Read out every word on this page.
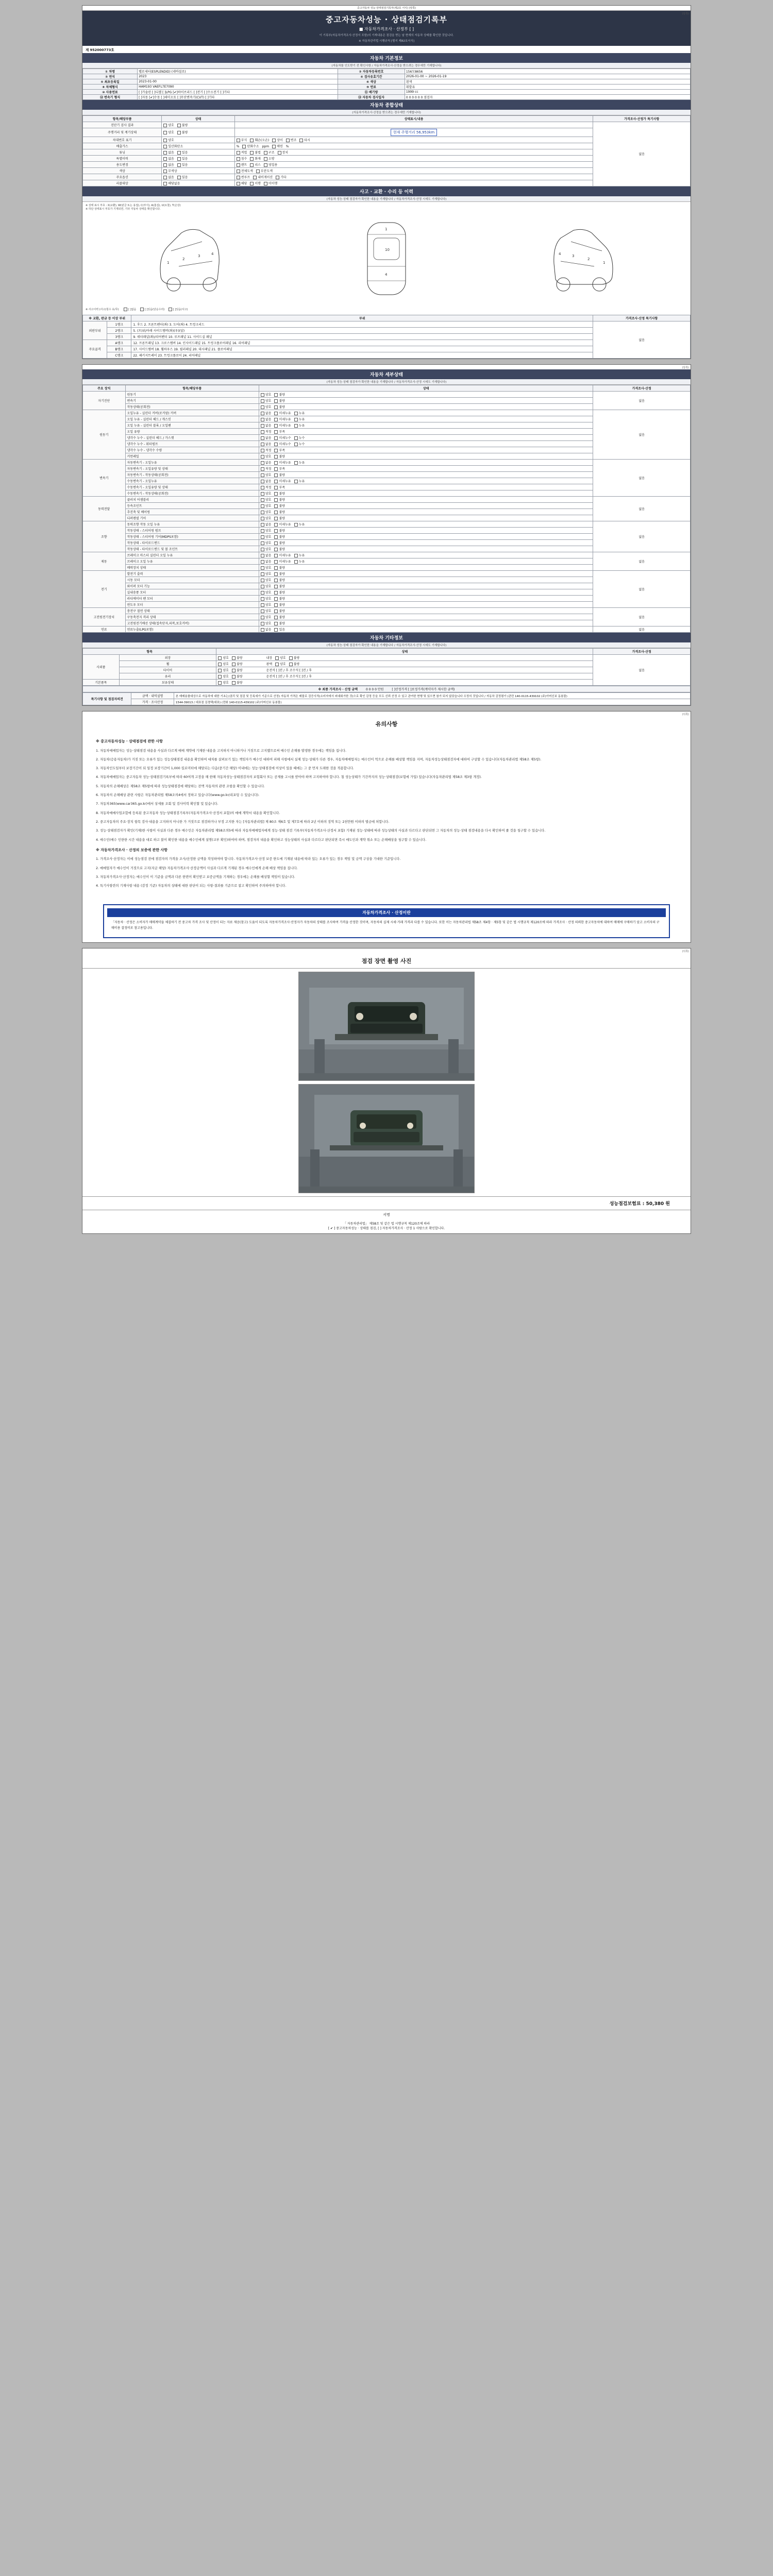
중고자동차 성능·상태점검기록부(제2호 서식) (앞쪽)
(앞쪽)
중고자동차성능 · 상태점검기록부
■ 자동차가격조사 · 산정부 [ ]
이 기록부(자동차가격조사·산정서 포함)의 기재내용은 점검을 받는 날 현재의 자동차 상태를 확인한 것입니다.
※ 자동차관리법 시행규칙 [별지 제82호서식]
제 952000773호
자동차 기본정보
(자동차를 인도받기 전 확인사항 / 자동차가격조사·산정을 받으려는 경우에만 기재합니다)
① 차명	벨로세터(ESPLENDID) (네바질로)	② 자동차등록번호	156모8656
③ 연식	2023	④ 검사유효기간	2026-01-00 ~ 2026-01-19
⑤ 최초등록일	2023-01-00	⑥ 색상	흰색
⑧ 차체형식	HAM193 VAEFL7E7090	⑨ 연료	휘발유
⑩ 사용연료	[ ]가솔린 [ ]디젤 [ ]LPG [✔]하이브리드 [ ]전기 [ ]수소전기 [ ]기타	⑪ 배기량	1999 cc
⑫ 변속기 형식	[ ]자동 [✔]수동 [ ]세미오토 [ ]무단변속기(CVT) [ ]기타	⑬ 자동차 검사일자	0 0 0 0 0 0 점검자
자동차 종합상태
(자동차가격조사·산정을 받으려는 경우에만 기재합니다)
항목/해당부품	상태	상태표시/내용	가격조사·산정가 특기사항
진단기 검사 결과	양호 불량		없음
주행거리 및 계기상태	양호 불량	현재 주행거리 56,953km	
차대번호 표기	양호	부식 훼손(오손) 상이 변조 타시	
배출가스	일산화탄소	% 탄화수소 ppm 매연 %	
튜닝	없음 있음	적법 불법 구조 장치	
특별이력	없음 있음	침수 화재 소방	
용도변경	없음 있음	렌트 리스 영업용	
색상	무색상	전체도색 부분도색	
주요옵션	없음 있음	썬루프 내비게이션 기타	
리콜대상	해당없음	해당 이행 미이행	
사고 · 교환 · 수리 등 이력
(자동차 성능·상태 점검자가 확인한 내용을 기재합니다 / 자동차가격조사·산정 시에도 기재합니다)
※ 상태 표시 부호 : X(교환), W(판금 또는 용접), C(부식), A(흠집), U(요철), T(손상)
※ 하단 상태표시 부호가 기재되면, 기타 자동차 상태를 확인합니다.
1
2
3	4
1
10
4
1
2
3
4
※ 사고이력 (사고/침수 유/무)	[ ]없음	[ ]있음(단순수리)	[ ]있음(사고)
※ 교환, 판금 등 이상 부위		부위	가격조사·산정 특기사항
외판부위	1랭크	1. 후드 2. 프론트펜더(좌) 3. 도어(좌) 4. 트렁크리드	없음
	2랭크	5. (프)위/아래 사이드멤버(좌)(우)(앞)	
	3랭크	9. 쿼터패널(좌)/리어펜더 10. 루프패널 11. 사이드실 패널	
주요골격	A랭크	12. 프론트패널 13. 크로스멤버 14. 인사이드패널 15. 트렁크플로어패널 16. 리어패널	
	B랭크	17. 사이드멤버 18. 휠하우스 19. 필러패널 20. 대시패널 21. 플로어패널	
	C랭크	22. 패키지트레이 23. 트렁크플로어 24. 리어패널	
(앞쪽)
자동차 세부상태
(자동차 성능·상태 점검자가 확인한 내용을 기재합니다 / 자동차가격조사·산정 시에도 기재합니다)
주요 장치	항목/해당부품	상태	가격조사·산정
자기진단	원동기	양호 불량	없음
	변속기	양호 불량	
	작동상태(공회전)	양호 불량	
원동기	오일누유 - 실린더 커버(로커암) 커버	없음 미세누유 누유	없음
	오일 누유 - 실린더 헤드 / 개스킷	없음 미세누유 누유	
	오일 누유 - 실린더 블록 / 오일팬	없음 미세누유 누유	
	오일 유량	적정 부족	
	냉각수 누수 - 실린더 헤드 / 가스켓	없음 미세누수 누수	
	냉각수 누수 - 워터펌프	없음 미세누수 누수	
	냉각수 누수 - 냉각수 수량	적정 부족	
	커먼레일	양호 불량	
변속기	자동변속기 - 오일누유	없음 미세누유 누유	없음
	자동변속기 - 오일유량 및 상태	적정 부족	
	자동변속기 - 작동상태(공회전)	양호 불량	
	수동변속기 - 오일누유	없음 미세누유 누유	
	수동변속기 - 오일유량 및 상태	적정 부족	
	수동변속기 - 작동상태(공회전)	양호 불량	
동력전달	클러치 어셈블리	양호 불량	없음
	등속조인트	양호 불량	
	추진축 및 베어링	양호 불량	
	디퍼렌셜 기어	양호 불량	
조향	동력조향 작동 오일 누유	없음 미세누유 누유	없음
	작동상태 - 스티어링 펌프	양호 불량	
	작동상태 - 스티어링 기어(MDPS포함)	양호 불량	
	작동상태 - 타이로드엔드	양호 불량	
	작동상태 - 타이로드엔드 및 볼 조인트	양호 불량	
제동	브레이크 마스터 실린더 오일 누유	없음 미세누유 누유	없음
	브레이크 오일 누유	없음 미세누유 누유	
	배력장치 상태	양호 불량	
전기	발전기 출력	양호 불량	없음
	시동 모터	양호 불량	
	와이퍼 모터 기능	양호 불량	
	실내송풍 모터	양호 불량	
	라디에이터 팬 모터	양호 불량	
	윈도우 모터	양호 불량	
고전원전기장치	충전구 절연 상태	양호 불량	없음
	구동축전지 격리 상태	양호 불량	
	고전원전기배선 상태(접속단자,피복,보호커버)	양호 불량	
연료	연료누출(LPG포함)	없음 있음	없음
자동차 기타정보
(자동차 성능·상태 점검자가 확인한 내용을 기재합니다 / 자동차가격조사·산정 시에도 기재합니다)
항목		상태	가격조사·산정
사외품	외장	양호 불량 내장 양호 불량	없음
	휠	양호 불량 광택 양호 불량	
	타이어	양호 불량 운전석 [ ]전 / 후 조수석 [ ]전 / 후	
	유리	양호 불량 운전석 [ ]전 / 후 조수석 [ ]전 / 후	
기본품목	보유상태	양호 불량	
※ 최종 가격조사 · 산정 금액	0 0 0 0 만원	[ ]산정가격 [ ]보정가격(계약자가 제시한 금액)
특기사항 및 점검자의견	금액 · 내역설명	본 매매용품대상으로 자동차에 대한 기초는(권리 및 점검 및 등록세가 기준으로 산정) 자동차 가격은 매물로 검증사적(소비자에서 피대회가한 것)으로 확인 감정 등을 모두 신뢰 산정 수 있고 관여한 현행 및 있으면 참가 되지 않았습니다 수정의 것입니다 / 자동차 감정평가 (관련 140-0115-439102 (주)아머신보 동봉물)
	가격 · 조사산정	1544-39013 / 대표점 김경택(대표) (전화 140-0115-439102 (주)아머신보 동봉물)
(뒤쪽)
유의사항
※ 중고자동차성능 · 상태점검에 관한 사항

1. 자동차매매업자는 성능·상태점검 내용을 사실과 다르게 매매 계약에 기재한 내용을 고지하지 아니하거나 거짓으로 고지했으로써 매수인 손해를 발생한 경우에는 책임을 집니다.

2. 자동차(승용자동차)가 거짓 또는 오류가 있는 성능상태점검 내용을 확인하여 대차를 살펴보기 있는 책임자가 매수인 대하여 피해 사항에서 실제 성능·상태가 다른 경우, 자동차매매업자는 매수인이 먹으로 손해를 배상할 책임을 지며, 자동차성능상태점검자에 대하여 구상할 수 있습니다(자동차관리법 제58조 제5항).

3. 자동차인도일부터 보장기간이 되 일정 보장기간이 1,000 킬로미터에 해당되는 다음(중기간 해당) 이내에는 성능·상태점검에 이상이 있을 때에는 그 중 먼저 도래한 것을 적용합니다.

4. 자동차매매업자는 중고자동차 성능·상태점검기록부에 따라 60여개 고장을 해 한해 자동차성능·상태점검자의 보험회사 또는 공제를 고시를 받아야 하며 고지하여야 합니다. 첨 성능상태가 기간까지의 성능·상태점검(보험에 가입) 있습니다(자동차관리법 제58조 제3항 개정).

5. 자동차의 손해배상은 제58조 제5항에 따라 성능상태점검에 해당하는 전액 자동차의 관련 조항을 확인할 수 있습니다.

6. 자동차의 손해배상 관련 사항은 자동차관리법 제58조의4에서 정하고 있습니다(www.go.kr/리포팅 수 있습니다).

7. 자동차365(www.car365.go.kr)에서 상세를 조회 및 검사이력 확인할 및 있습니다.

8. 자동차매매사업조합에 등록된 중고자동차 성능·상태점검기록부(자동차가격조사·산정서 포함)의 매매 계약서 내용을 확인합니다.

2. 중고자동차의 주요·장치 항목 검사·내용을 고지하지 아니한 가 거짓으로 점검하거나 부정 고지한 자는 [자동차관리법] 제 80조 제6호 및 제7호에 따라 2년 이하의 징역 또는 2천만원 이하의 벌금에 처합니다.

3. 성능·상태점검자가 확인(기재)한 사항이 사실과 다른 경우 매수인은 자동차관리법 제58조의5에 따라 자동차매매업자에게 성능·상태 점검 기록부(자동차가격조사·산정서 포함) 기재된 성능·상태에 따라 성능상태의 사실과 다르다고 판단되면 그 자동차의 성능·상태 점검내용을 다시 확인하여 줄 것을 청구할 수 있습니다.

4. 매수인(매수 인한한 시간 내용을 대로 하고 불이 확인한 내용을 매수인에게 설명(교부 확인)하여야 하며, 점검자의 내용을 확인하고 성능상태의 사실과 다르다고 판단되면 즉시 매도인과 계약 취소 또는 손해배상을 청구할 수 있습니다.

※ 자동차가격조사 · 산정의 보증에 관한 사항

1. 가격조사·산정자는 이에 성능점검 전에 점검자의 가격을 조사/산정한 금액을 작성하여야 합니다. 자동차가격조사·산정 보증 한도에 기재된 내용에 따라 있는 오류가 있는 경우 책임 및 금액 구상을 기대한 기준입니다.

2. 매매업자가 매수인이 거짓으로 고지(지금 해당) 자동차가격조사·산정금액이 사실과 다르게 기재된 경우 매수인에게 손해 배상 책임을 집니다.

3. 자동차가격조사·산정자는 매수인이 이 기준을 금액과 다른 한번이 확인받고 보증금액을 기재하는 경우에는 손해를 배상할 책임이 있습니다.

4. 특기사항란의 기재사항 내용 (감정 기준) 자동차의 상태에 대한 판단이 되는 사항·결과를 기준으로 참고 확인하여 주의하여야 합니다.

자동차가격조사 · 산정이란
「자동차 · 산정은 소비자가 매매계약을 체결하기 전 중고차 가격 조사 및 산정이 되는 자료 제공(참고) 도움이 되도록 자동차가격조사·산정자가 자동차의 상태를 조사하여 가격을 산정한 것이며, 자동차의 실제 시세·거래 가격과 다를 수 있습니다. 또한 이는 자동차관리법 제58조 제4항 · 제5항 및 같은 법 시행규칙 제120조에 따라 가격조사 · 산정 의뢰한 중고자동차에 대하여 매매에 구매하기 앞고 소비자의 구매비용 결정비로 참고용입니다.
(뒤쪽)
점검 장면 촬영 사진
성능점검보험료 : 50,380 원
서명
「 자동차관리법」 제58조 및 같은 법 시행규칙 제120조에 따라
[ ✔ ] 중고자동차성능 · 상태를 점검, [ ] 자동차가격조사 · 산정 1 사람으로 확인합니다.
